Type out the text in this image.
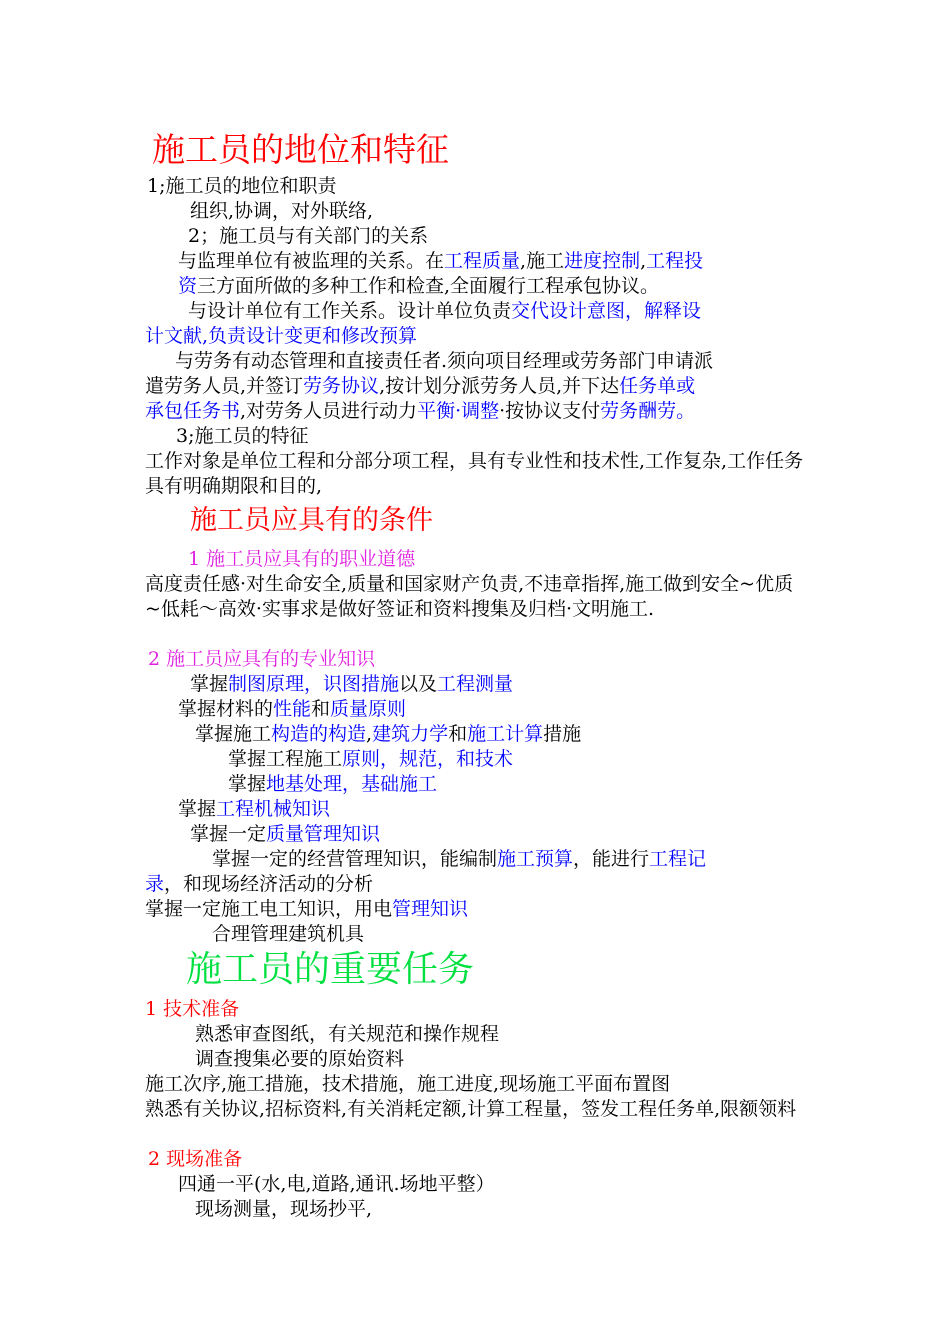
施工员的地位和特征
1;施工员的地位和职责
组织,协调，对外联络,
2；施工员与有关部门的关系
与监理单位有被监理的关系。在工程质量,施工进度控制,工程投
资三方面所做的多种工作和检查,全面履行工程承包协议。
与设计单位有工作关系。设计单位负责交代设计意图，解释设
计文献,负责设计变更和修改预算
与劳务有动态管理和直接责任者.须向项目经理或劳务部门申请派
遣劳务人员,并签订劳务协议,按计划分派劳务人员,并下达任务单或
承包任务书,对劳务人员进行动力平衡·调整·按协议支付劳务酬劳。
3;施工员的特征
工作对象是单位工程和分部分项工程，具有专业性和技术性,工作复杂,工作任务具有明确期限和目的,
施工员应具有的条件
1 施工员应具有的职业道德
高度责任感·对生命安全,质量和国家财产负责,不违章指挥,施工做到安全~优质~低耗～高效·实事求是做好签证和资料搜集及归档·文明施工.
2 施工员应具有的专业知识
掌握制图原理，识图措施以及工程测量
掌握材料的性能和质量原则
掌握施工构造的构造,建筑力学和施工计算措施
掌握工程施工原则，规范，和技术
掌握地基处理，基础施工
掌握工程机械知识
掌握一定质量管理知识
掌握一定的经营管理知识，能编制施工预算，能进行工程记
录，和现场经济活动的分析
掌握一定施工电工知识，用电管理知识
合理管理建筑机具
施工员的重要任务
1 技术准备
熟悉审查图纸，有关规范和操作规程
调查搜集必要的原始资料
施工次序,施工措施，技术措施，施工进度,现场施工平面布置图
熟悉有关协议,招标资料,有关消耗定额,计算工程量，签发工程任务单,限额领料
2 现场准备
四通一平(水,电,道路,通讯.场地平整）
现场测量，现场抄平,
